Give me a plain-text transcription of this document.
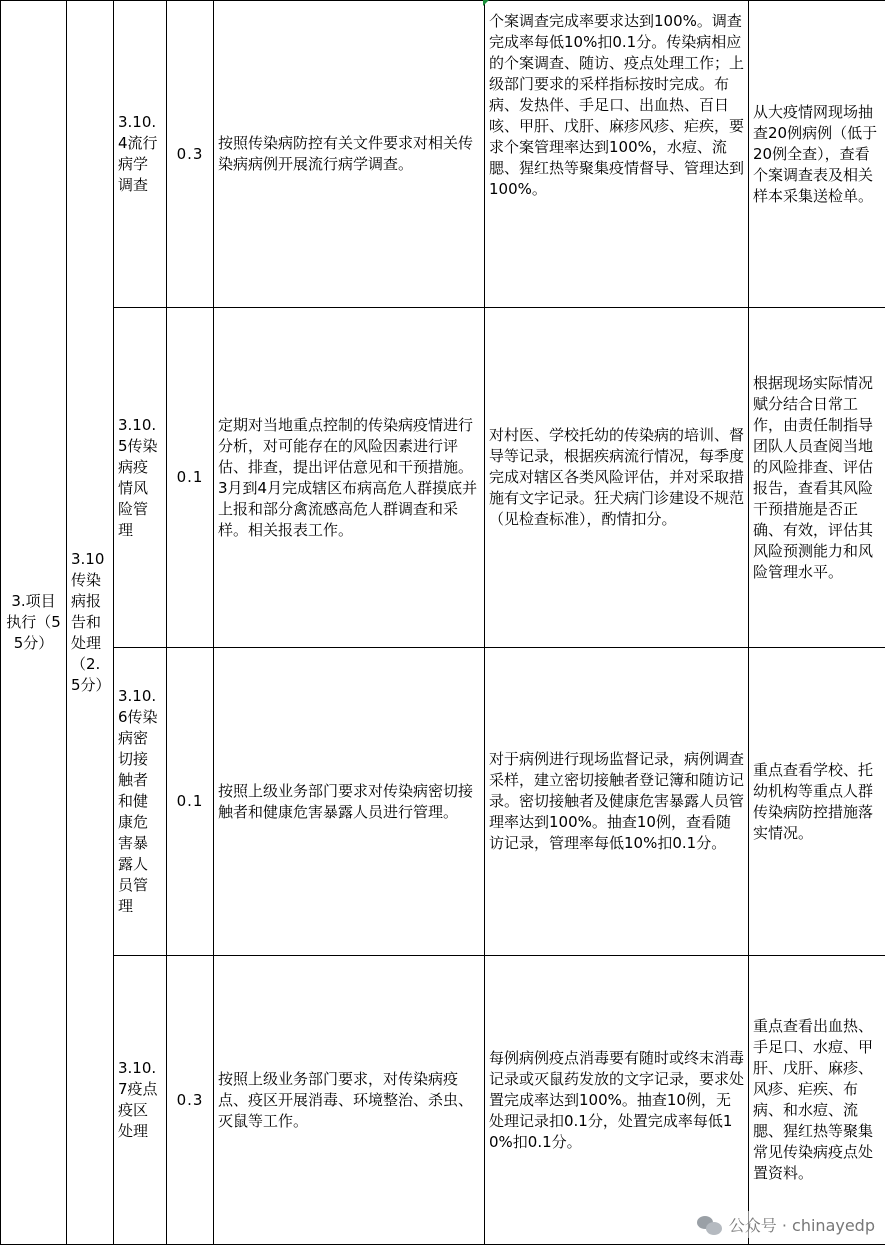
3.项目执行（55分）	3.10传染病报告和处理（2.5分）	3.10.4流行病学调查	0.3	按照传染病防控有关文件要求对相关传染病病例开展流行病学调查。	个案调查完成率要求达到100%。调查完成率每低10%扣0.1分。传染病相应的个案调查、随访、疫点处理工作；上级部门要求的采样指标按时完成。布病、发热伴、手足口、出血热、百日咳、甲肝、戊肝、麻疹风疹、疟疾，要求个案管理率达到100%，水痘、流腮、猩红热等聚集疫情督导、管理达到100%。	从大疫情网现场抽查20例病例（低于20例全查），查看个案调查表及相关样本采集送检单。
		3.10.5传染病疫情风险管理	0.1	定期对当地重点控制的传染病疫情进行分析，对可能存在的风险因素进行评估、排查，提出评估意见和干预措施。3月到4月完成辖区布病高危人群摸底并上报和部分禽流感高危人群调查和采样。相关报表工作。	对村医、学校托幼的传染病的培训、督导等记录，根据疾病流行情况，每季度完成对辖区各类风险评估，并对采取措施有文字记录。狂犬病门诊建设不规范（见检查标准），酌情扣分。	根据现场实际情况赋分结合日常工作，由责任制指导团队人员查阅当地的风险排查、评估报告，查看其风险干预措施是否正确、有效，评估其风险预测能力和风险管理水平。
		3.10.6传染病密切接触者和健康危害暴露人员管理	0.1	按照上级业务部门要求对传染病密切接触者和健康危害暴露人员进行管理。	对于病例进行现场监督记录，病例调查采样，建立密切接触者登记簿和随访记录。密切接触者及健康危害暴露人员管理率达到100%。抽查10例，查看随访记录，管理率每低10%扣0.1分。	重点查看学校、托幼机构等重点人群传染病防控措施落实情况。
		3.10.7疫点疫区处理	0.3	按照上级业务部门要求，对传染病疫点、疫区开展消毒、环境整治、杀虫、灭鼠等工作。	每例病例疫点消毒要有随时或终末消毒记录或灭鼠药发放的文字记录，要求处置完成率达到100%。抽查10例，无处理记录扣0.1分，处置完成率每低10%扣0.1分。	重点查看出血热、手足口、水痘、甲肝、戊肝、麻疹、风疹、疟疾、布病、和水痘、流腮、猩红热等聚集常见传染病疫点处置资料。
公众号 · chinayedp
